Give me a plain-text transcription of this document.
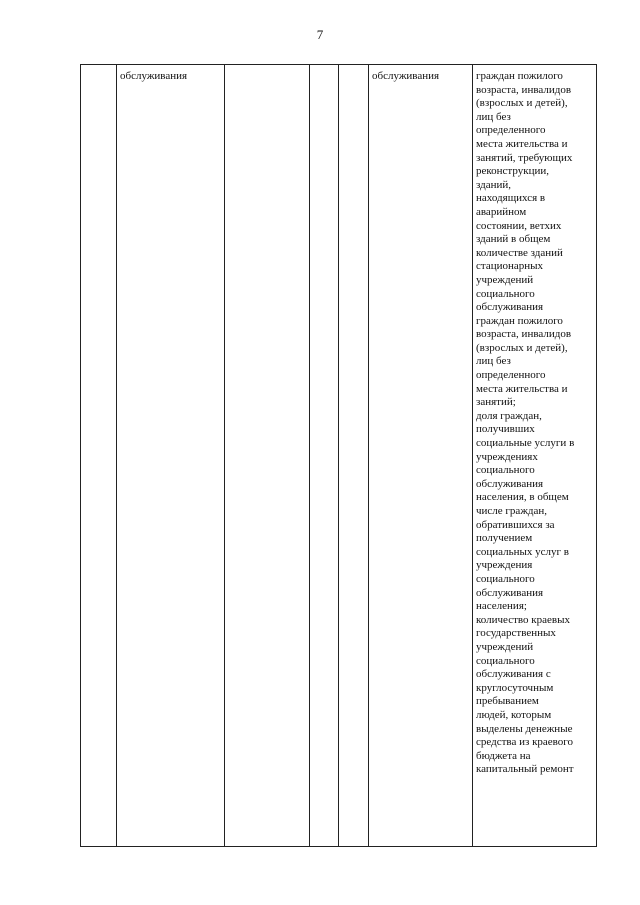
7
обслуживания	обслуживания	граждан пожилого
возраста, инвалидов
(взрослых и детей),
лиц без
определенного
места жительства и
занятий, требующих
реконструкции,
зданий,
находящихся в
аварийном
состоянии, ветхих
зданий в общем
количестве зданий
стационарных
учреждений
социального
обслуживания
граждан пожилого
возраста, инвалидов
(взрослых и детей),
лиц без
определенного
места жительства и
занятий;
доля граждан,
получивших
социальные услуги в
учреждениях
социального
обслуживания
населения, в общем
числе граждан,
обратившихся за
получением
социальных услуг в
учреждения
социального
обслуживания
населения;
количество краевых
государственных
учреждений
социального
обслуживания с
круглосуточным
пребыванием
людей, которым
выделены денежные
средства из краевого
бюджета на
капитальный ремонт
